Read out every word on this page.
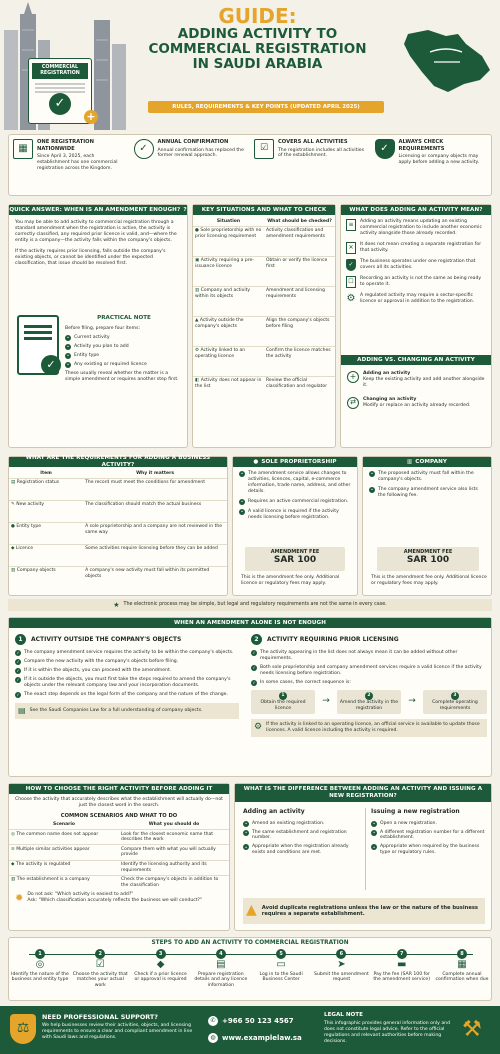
COMMERCIAL REGISTRATION
✓
+
GUIDE:
ADDING ACTIVITY TO
COMMERCIAL REGISTRATION
IN SAUDI ARABIA
RULES, REQUIREMENTS & KEY POINTS (UPDATED APRIL 2025)
▦
ONE REGISTRATION NATIONWIDE
Since April 3, 2025, each establishment has one commercial registration across the Kingdom.
✓
ANNUAL CONFIRMATION
Annual confirmation has replaced the former renewal approach.
☑
COVERS ALL ACTIVITIES
The registration includes all activities of the establishment.
✓
ALWAYS CHECK REQUIREMENTS
Licensing or company objects may apply before adding a new activity.
QUICK ANSWER: WHEN IS AN AMENDMENT ENOUGH? ?
You may be able to add activity to commercial registration through a standard amendment when the registration is active, the activity is correctly classified, any required prior licence is valid, and—where the entity is a company—the activity falls within the company's objects.
If the activity requires prior licensing, falls outside the company's existing objects, or cannot be identified under the expected classification, that issue should be resolved first.
✓
PRACTICAL NOTE
Before filing, prepare four items:
•	Current activity
•	Activity you plan to add
•	Entity type
•	Any existing or required licence
These usually reveal whether the matter is a simple amendment or requires another step first.
KEY SITUATIONS AND WHAT TO CHECK
Situation	What should be checked?
● Sole proprietorship with no prior licensing requirement	Activity classification and amendment requirements
▣ Activity requiring a pre-issuance licence	Obtain or verify the licence first
▥ Company and activity within its objects	Amendment and licensing requirements
▲ Activity outside the company's objects	Align the company's objects before filing
⚙ Activity linked to an operating licence	Confirm the licence matches the activity
◧ Activity does not appear in the list	Review the official classification and regulator
WHAT DOES ADDING AN ACTIVITY MEAN?
≡	Adding an activity means updating an existing commercial registration to include another economic activity alongside those already recorded.
✕	It does not mean creating a separate registration for that activity.
✓	The business operates under one registration that covers all its activities.
☐	Recording an activity is not the same as being ready to operate it.
⚙ A regulated activity may require a sector-specific licence or approval in addition to the registration.
ADDING VS. CHANGING AN ACTIVITY
+	Adding an activity
Keep the existing activity and add another alongside it.
⇄	Changing an activity
Modify or replace an activity already recorded.
WHAT ARE THE REQUIREMENTS FOR ADDING A BUSINESS ACTIVITY?
Item	Why it matters
▤ Registration status	The record must meet the conditions for amendment
✎ New activity	The classification should match the actual business
● Entity type	A sole proprietorship and a company are not reviewed in the same way
◆ Licence	Some activities require licensing before they can be added
▥ Company objects	A company's new activity must fall within its permitted objects
● SOLE PROPRIETORSHIP
•	The amendment service allows changes to activities, licences, capital, e-commerce information, trade name, address, and other details.
•	Requires an active commercial registration.
•	A valid licence is required if the activity needs licensing before registration.
AMENDMENT FEE
SAR 100
This is the amendment fee only. Additional licence or regulatory fees may apply.
▥ COMPANY
•	The proposed activity must fall within the company's objects.
•	The company amendment service also lists the following fee.
AMENDMENT FEE
SAR 100
This is the amendment fee only. Additional licence or regulatory fees may apply.
★ The electronic process may be simple, but legal and regulatory requirements are not the same in every case.
WHEN AN AMENDMENT ALONE IS NOT ENOUGH
1	ACTIVITY OUTSIDE THE COMPANY'S OBJECTS
✓ The company amendment service requires the activity to be within the company's objects.
✓ Compare the new activity with the company's objects before filing.
✓ If it is within the objects, you can proceed with the amendment.
✓ If it is outside the objects, you must first take the steps required to amend the company's objects under the relevant company law and your incorporation documents.
✓ The exact step depends on the legal form of the company and the nature of the change.
▤ See the Saudi Companies Law for a full understanding of company objects.
2	ACTIVITY REQUIRING PRIOR LICENSING
✓ The activity appearing in the list does not always mean it can be added without other requirements.
✓ Both sole proprietorship and company amendment services require a valid licence if the activity needs licensing before registration.
✓ In some cases, the correct sequence is:
1
Obtain the required licence
→
2
Amend the activity in the registration
→
3
Complete operating requirements
⚙ If the activity is linked to an operating licence, an official service is available to update those licences. A valid licence including the activity is required.
HOW TO CHOOSE THE RIGHT ACTIVITY BEFORE ADDING IT
Choose the activity that accurately describes what the establishment will actually do—not just the closest word in the search.
COMMON SCENARIOS AND WHAT TO DO
Scenario	What you should do
◎ The common name does not appear	Look for the closest economic name that describes the work
≡ Multiple similar activities appear	Compare them with what you will actually provide
◆ The activity is regulated	Identify the licensing authority and its requirements
▥ The establishment is a company	Check the company's objects in addition to the classification
✹ Do not ask: "Which activity is easiest to add?"
Ask: "Which classification accurately reflects the business we will conduct?"
WHAT IS THE DIFFERENCE BETWEEN ADDING AN ACTIVITY AND ISSUING A NEW REGISTRATION?
Adding an activity
•	Amend an existing registration.
•	The same establishment and registration number.
•	Appropriate when the registration already exists and conditions are met.
Issuing a new registration
•	Open a new registration.
•	A different registration number for a different establishment.
•	Appropriate when required by the business type or regulatory rules.
▲ Avoid duplicate registrations unless the law or the nature of the business requires a separate establishment.
STEPS TO ADD AN ACTIVITY TO COMMERCIAL REGISTRATION
1
◎
Identify the nature of the business and entity type
2
☑
Choose the activity that matches your actual work
3
◆
Check if a prior licence or approval is required
4
▤
Prepare registration details and any licence information
5
▭
Log in to the Saudi Business Center
6
➤
Submit the amendment request
7
▬
Pay the fee (SAR 100 for the amendment service)
8
▦
Complete annual confirmation when due
⚖
NEED PROFESSIONAL SUPPORT?
We help businesses review their activities, objects, and licensing requirements to ensure a clear and compliant amendment in line with Saudi laws and regulations.
✆ +966 50 123 4567
◍ www.examplelaw.sa
LEGAL NOTE
This infographic provides general information only and does not constitute legal advice. Refer to the official regulations and relevant authorities before making decisions.	⚒
